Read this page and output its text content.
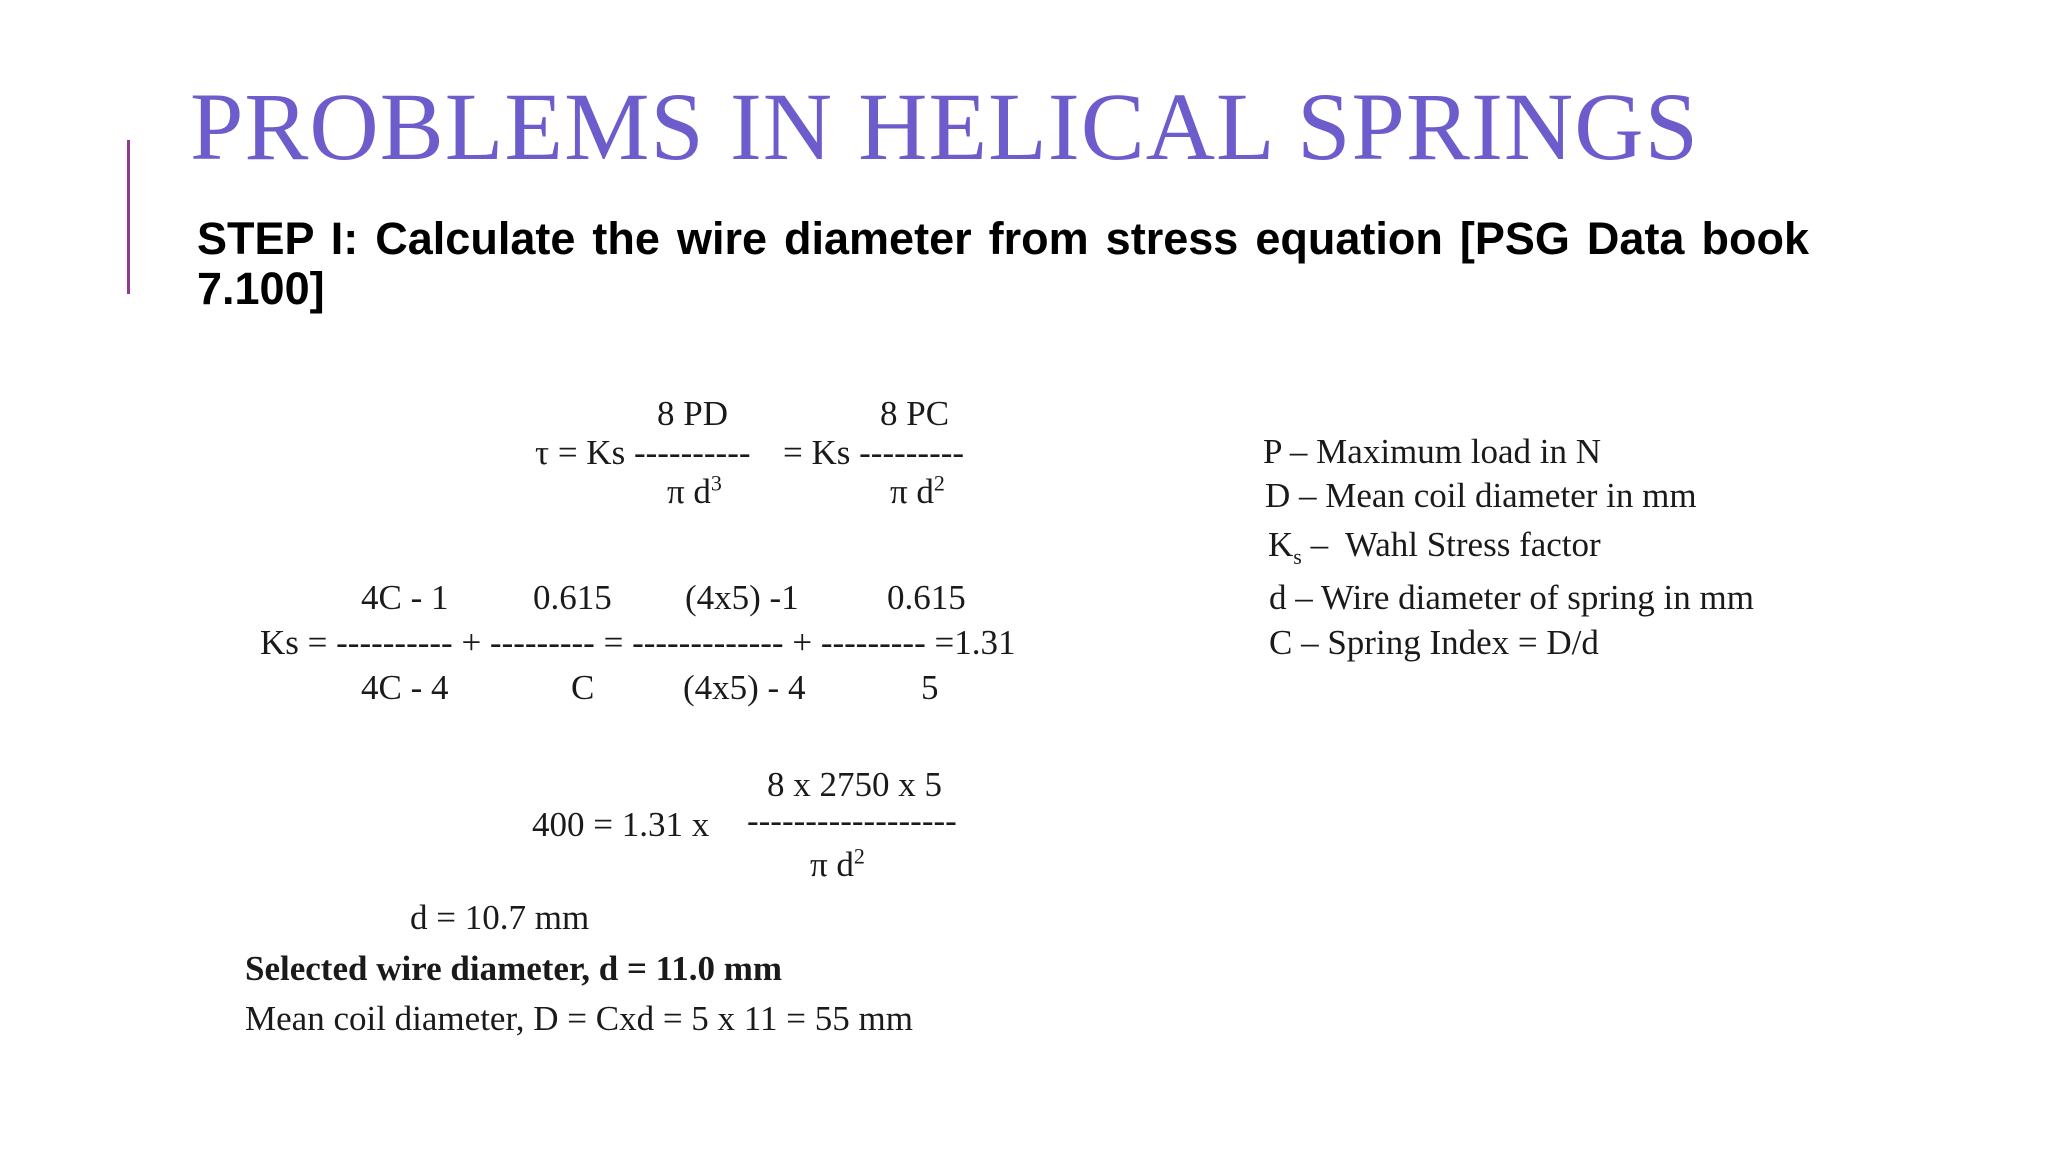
PROBLEMS IN HELICAL SPRINGS

STEP I: Calculate the wire diameter from stress equation [PSG Data book 7.100]

8 PD	8 PC
τ = Ks ---------- = Ks ---------
π $d^3$	π $d^2$
4C - 1 0.615 (4x5) -1	0.615
Ks = ---------- + --------- = ------------- + --------- =1.31
4C - 4	C	(4x5) - 4	5
8 x 2750 x 5
400 = 1.31 x ------------------
π $d^2$
d = 10.7 mm
Selected wire diameter, d = 11.0 mm
Mean coil diameter, D = Cxd = 5 x 11 = 55 mm
P – Maximum load in N
D – Mean coil diameter in mm
$K_s$ –  Wahl Stress factor
d – Wire diameter of spring in mm
C – Spring Index = D/d
